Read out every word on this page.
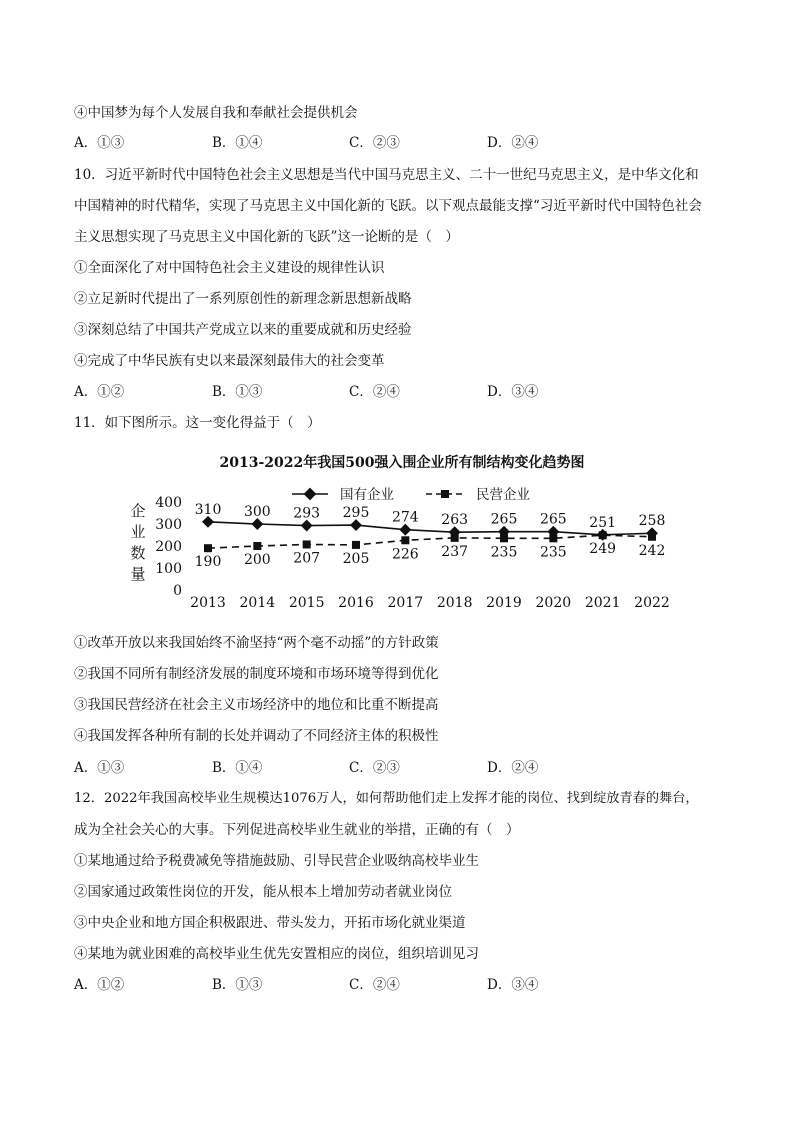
④中国梦为每个人发展自我和奉献社会提供机会
A．①③	B．①④	C．②③	D．②④
10．习近平新时代中国特色社会主义思想是当代中国马克思主义、二十一世纪马克思主义，是中华文化和
中国精神的时代精华，实现了马克思主义中国化新的飞跃。以下观点最能支撑“习近平新时代中国特色社会
主义思想实现了马克思主义中国化新的飞跃”这一论断的是（　）
①全面深化了对中国特色社会主义建设的规律性认识
②立足新时代提出了一系列原创性的新理念新思想新战略
③深刻总结了中国共产党成立以来的重要成就和历史经验
④完成了中华民族有史以来最深刻最伟大的社会变革
A．①②	B．①③	C．②④	D．③④
11．如下图所示。这一变化得益于（　）
2013-2022年我国500强入围企业所有制结构变化趋势图
国有企业	民营企业
企
业
数
量
400
300
200
100
0
2013 2014 2015 2016 2017 2018 2019 2020 2021 2022
310 300 293 295 274 263 265 265 251 258
190 200 207 205 226 237 235 235 249 242
①改革开放以来我国始终不渝坚持“两个毫不动摇”的方针政策
②我国不同所有制经济发展的制度环境和市场环境等得到优化
③我国民营经济在社会主义市场经济中的地位和比重不断提高
④我国发挥各种所有制的长处并调动了不同经济主体的积极性
A．①③	B．①④	C．②③	D．②④
12．2022年我国高校毕业生规模达1076万人，如何帮助他们走上发挥才能的岗位、找到绽放青春的舞台，
成为全社会关心的大事。下列促进高校毕业生就业的举措，正确的有（　）
①某地通过给予税费减免等措施鼓励、引导民营企业吸纳高校毕业生
②国家通过政策性岗位的开发，能从根本上增加劳动者就业岗位
③中央企业和地方国企积极跟进、带头发力，开拓市场化就业渠道
④某地为就业困难的高校毕业生优先安置相应的岗位，组织培训见习
A．①②	B．①③	C．②④	D．③④
